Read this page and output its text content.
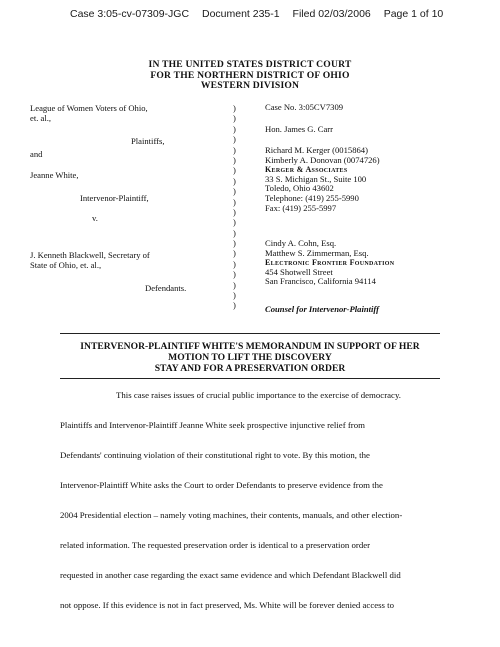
Case 3:05-cv-07309-JGC Document 235-1 Filed 02/03/2006 Page 1 of 10
IN THE UNITED STATES DISTRICT COURT
FOR THE NORTHERN DISTRICT OF OHIO
WESTERN DIVISION
League of Women Voters of Ohio,
et. al.,
Plaintiffs,
and
Jeanne White,
Intervenor-Plaintiff,
v.
J. Kenneth Blackwell, Secretary of
State of Ohio, et. al.,
Defendants.
)
)
)
)
)
)
)
)
)
)
)
)
)
)
)
)
)
)
)
)
Case No. 3:05CV7309
Hon. James G. Carr
Richard M. Kerger (0015864)
Kimberly A. Donovan (0074726)
Kerger & Associates
33 S. Michigan St., Suite 100
Toledo, Ohio 43602
Telephone: (419) 255-5990
Fax: (419) 255-5997
Cindy A. Cohn, Esq.
Matthew S. Zimmerman, Esq.
Electronic Frontier Foundation
454 Shotwell Street
San Francisco, California 94114
Counsel for Intervenor-Plaintiff
INTERVENOR-PLAINTIFF WHITE'S MEMORANDUM IN SUPPORT OF HER
MOTION TO LIFT THE DISCOVERY
STAY AND FOR A PRESERVATION ORDER
This case raises issues of crucial public importance to the exercise of democracy.
Plaintiffs and Intervenor-Plaintiff Jeanne White seek prospective injunctive relief from
Defendants' continuing violation of their constitutional right to vote. By this motion, the
Intervenor-Plaintiff White asks the Court to order Defendants to preserve evidence from the
2004 Presidential election – namely voting machines, their contents, manuals, and other election-
related information. The requested preservation order is identical to a preservation order
requested in another case regarding the exact same evidence and which Defendant Blackwell did
not oppose. If this evidence is not in fact preserved, Ms. White will be forever denied access to
